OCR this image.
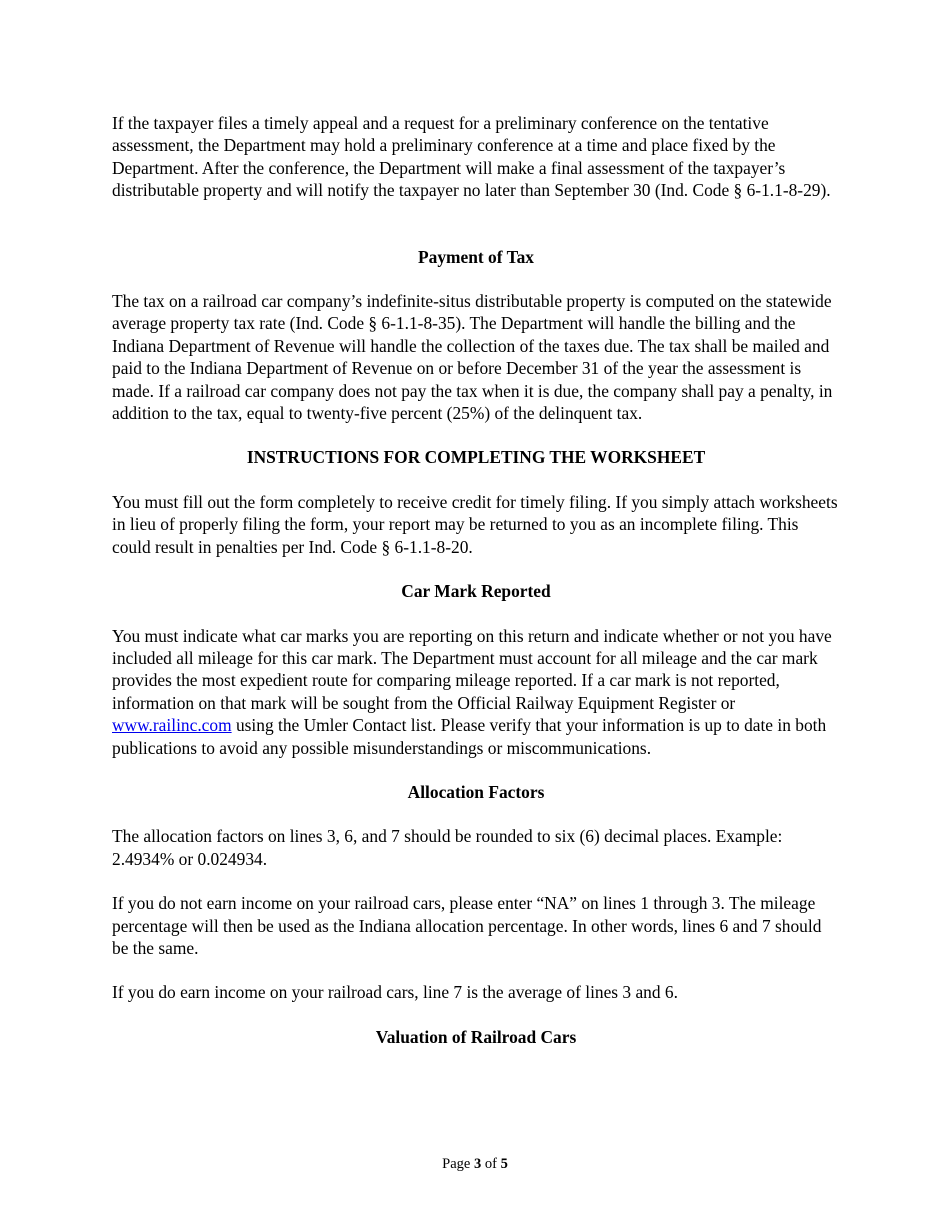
If the taxpayer files a timely appeal and a request for a preliminary conference on the tentative assessment, the Department may hold a preliminary conference at a time and place fixed by the Department. After the conference, the Department will make a final assessment of the taxpayer’s distributable property and will notify the taxpayer no later than September 30 (Ind. Code § 6-1.1-8-29).

Payment of Tax

The tax on a railroad car company’s indefinite-situs distributable property is computed on the statewide average property tax rate (Ind. Code § 6-1.1-8-35). The Department will handle the billing and the Indiana Department of Revenue will handle the collection of the taxes due. The tax shall be mailed and paid to the Indiana Department of Revenue on or before December 31 of the year the assessment is made. If a railroad car company does not pay the tax when it is due, the company shall pay a penalty, in addition to the tax, equal to twenty-five percent (25%) of the delinquent tax.

INSTRUCTIONS FOR COMPLETING THE WORKSHEET

You must fill out the form completely to receive credit for timely filing. If you simply attach worksheets in lieu of properly filing the form, your report may be returned to you as an incomplete filing. This could result in penalties per Ind. Code § 6-1.1-8-20.

Car Mark Reported

You must indicate what car marks you are reporting on this return and indicate whether or not you have included all mileage for this car mark. The Department must account for all mileage and the car mark provides the most expedient route for comparing mileage reported. If a car mark is not reported, information on that mark will be sought from the Official Railway Equipment Register or www.railinc.com using the Umler Contact list. Please verify that your information is up to date in both publications to avoid any possible misunderstandings or miscommunications.

Allocation Factors

The allocation factors on lines 3, 6, and 7 should be rounded to six (6) decimal places. Example: 2.4934% or 0.024934.

If you do not earn income on your railroad cars, please enter “NA” on lines 1 through 3. The mileage percentage will then be used as the Indiana allocation percentage. In other words, lines 6 and 7 should be the same.

If you do earn income on your railroad cars, line 7 is the average of lines 3 and 6.

Valuation of Railroad Cars
Page 3 of 5
